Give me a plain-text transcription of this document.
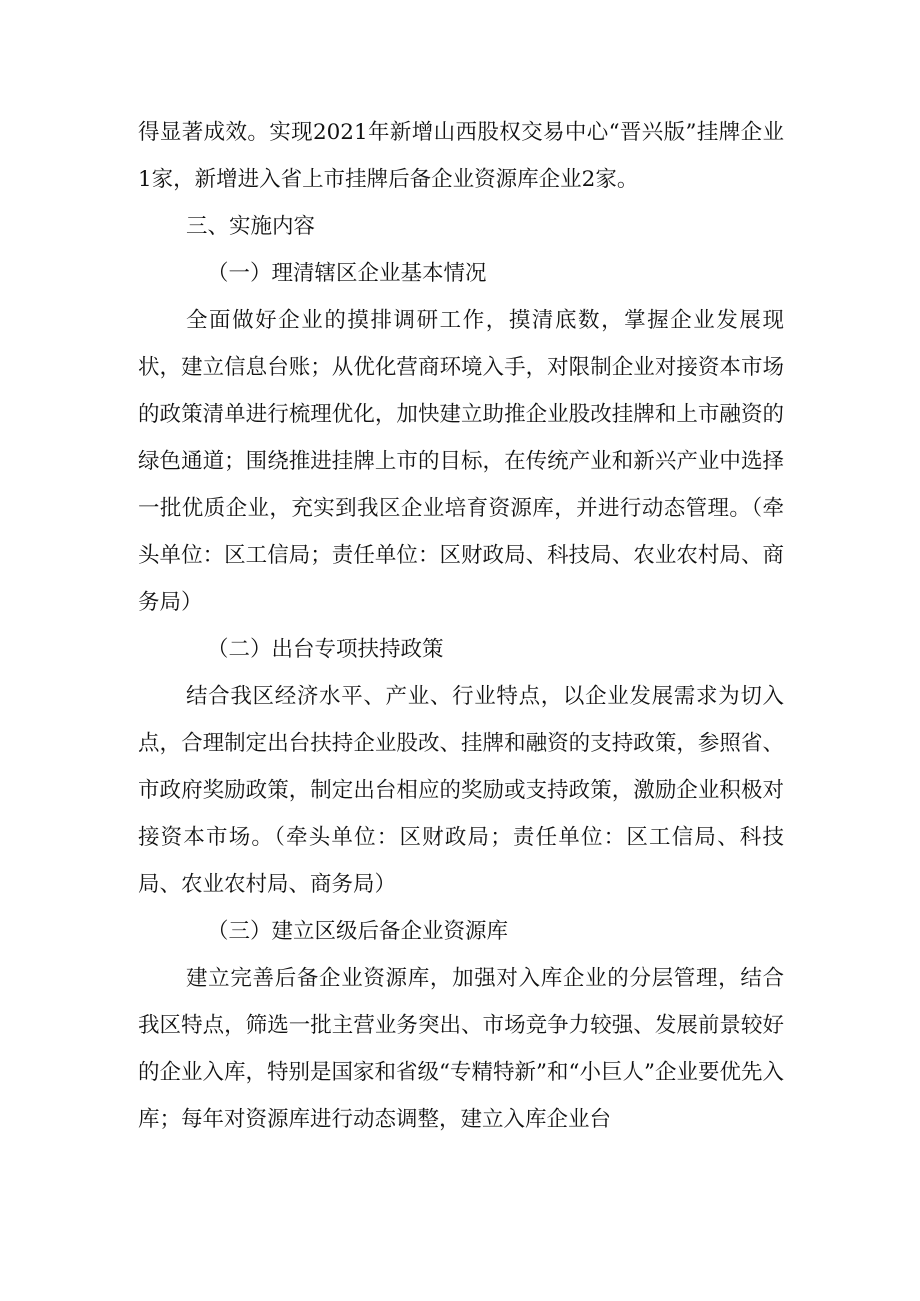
得显著成效。实现2021年新增山西股权交易中心“晋兴版”挂牌企业1家，新增进入省上市挂牌后备企业资源库企业2家。

三、实施内容

（一）理清辖区企业基本情况

全面做好企业的摸排调研工作，摸清底数，掌握企业发展现状，建立信息台账；从优化营商环境入手，对限制企业对接资本市场的政策清单进行梳理优化，加快建立助推企业股改挂牌和上市融资的绿色通道；围绕推进挂牌上市的目标，在传统产业和新兴产业中选择一批优质企业，充实到我区企业培育资源库，并进行动态管理。（牵头单位：区工信局；责任单位：区财政局、科技局、农业农村局、商务局）

（二）出台专项扶持政策

结合我区经济水平、产业、行业特点，以企业发展需求为切入点，合理制定出台扶持企业股改、挂牌和融资的支持政策，参照省、市政府奖励政策，制定出台相应的奖励或支持政策，激励企业积极对接资本市场。（牵头单位：区财政局；责任单位：区工信局、科技局、农业农村局、商务局）

（三）建立区级后备企业资源库

建立完善后备企业资源库，加强对入库企业的分层管理，结合我区特点，筛选一批主营业务突出、市场竞争力较强、发展前景较好的企业入库，特别是国家和省级“专精特新”和“小巨人”企业要优先入库；每年对资源库进行动态调整，建立入库企业台
